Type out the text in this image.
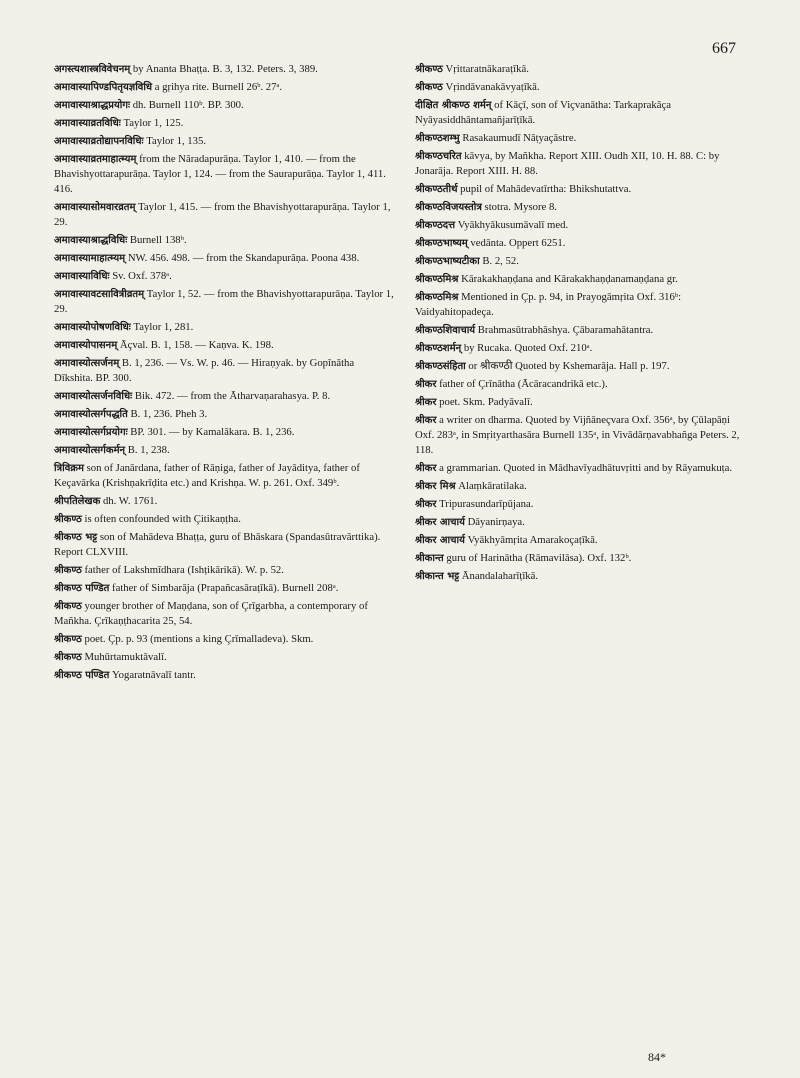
667
अगस्त्यशास्त्रविवेचनम् by Ananta Bhaṭṭa. B. 3, 132. Peters. 3, 389.
अमावास्यापिण्डपितृयज्ञविधि a gṛihya rite. Burnell 26ᵇ. 27ᵃ.
अमावास्याश्राद्धप्रयोगः dh. Burnell 110ᵇ. BP. 300.
अमावास्याव्रतविधिः Taylor 1, 125.
अमावास्याव्रतोद्यापनविधिः Taylor 1, 135.
अमावास्याव्रतमाहात्म्यम् from the Nāradapurāṇa. Taylor 1, 410. — from the Bhavishyottarapurāṇa. Taylor 1, 124. — from the Saurapurāṇa. Taylor 1, 411. 416.
अमावास्यासोमवारव्रतम् Taylor 1, 415. — from the Bhavishyottarapurāṇa. Taylor 1, 29.
अमावास्याश्राद्धविधिः Burnell 138ᵇ.
अमावास्यामाहात्म्यम् NW. 456. 498. — from the Skandapurāṇa. Poona 438.
अमावास्याविधिः Sv. Oxf. 378ᵃ.
अमावास्यावटसावित्रीव्रतम् Taylor 1, 52. — from the Bhavishyottarapurāṇa. Taylor 1, 29.
अमावास्योपोषणविधिः Taylor 1, 281.
अमावास्योपासनम् Āçval. B. 1, 158. — Kaṇva. K. 198.
अमावास्योत्सर्जनम् B. 1, 236. — Vs. W. p. 46. — Hiraṇyak. by Gopīnātha Dīkshita. BP. 300.
अमावास्योत्सर्जनविधिः Bik. 472. — from the Ātharvaṇarahasya. P. 8.
अमावास्योत्सर्गपद्धति B. 1, 236. Pheh 3.
अमावास्योत्सर्गप्रयोगः BP. 301. — by Kamalākara. B. 1, 236.
अमावास्योत्सर्गकर्मन् B. 1, 238.
त्रिविक्रम son of Janārdana, father of Rāṇiga, father of Jayāditya, father of Keçavārka (Krishṇakrīḍita etc.) and Krishṇa. W. p. 261. Oxf. 349ᵇ.
श्रीपतिलेखक dh. W. 1761.
श्रीकण्ठ is often confounded with Çitikaṇṭha.
श्रीकण्ठ भट्ट son of Mahādeva Bhaṭṭa, guru of Bhāskara (Spandasūtravārttika). Report CLXVIII.
श्रीकण्ठ father of Lakshmīdhara (Ishṭikārikā). W. p. 52.
श्रीकण्ठ पण्डित father of Simbarāja (Prapañcasāraṭīkā). Burnell 208ᵃ.
श्रीकण्ठ younger brother of Maṇḍana, son of Çrīgarbha, a contemporary of Mañkha. Çrīkaṇṭhacarita 25, 54.
श्रीकण्ठ poet. Çp. p. 93 (mentions a king Çrīmalladeva). Skm.
श्रीकण्ठ Muhūrtamuktāvalī.
श्रीकण्ठ पण्डित Yogaratnāvalī tantr.
श्रीकण्ठ Vṛittaratnākaraṭīkā.
श्रीकण्ठ Vṛindāvanakāvyaṭīkā.
दीक्षित श्रीकण्ठ शर्मन् of Kāçī, son of Viçvanātha: Tarkaprakāça Nyāyasiddhāntamañjarīṭīkā.
श्रीकण्ठशम्भु Rasakaumudī Nāṭyaçāstre.
श्रीकण्ठचरित kāvya, by Mañkha. Report XIII. Oudh XII, 10. H. 88. C: by Jonarāja. Report XIII. H. 88.
श्रीकण्ठतीर्थ pupil of Mahādevatīrtha: Bhikshutattva.
श्रीकण्ठविजयस्तोत्र stotra. Mysore 8.
श्रीकण्ठदत्त Vyākhyākusumāvalī med.
श्रीकण्ठभाष्यम् vedānta. Oppert 6251.
श्रीकण्ठभाष्यटीका B. 2, 52.
श्रीकण्ठमिश्र Kārakakhaṇḍana and Kārakakhaṇḍanamaṇḍana gr.
श्रीकण्ठमिश्र Mentioned in Çp. p. 94, in Prayogāmṛita Oxf. 316ᵇ: Vaidyahitopadeça.
श्रीकण्ठशिवाचार्य Brahmasūtrabhāshya. Çābaramahātantra.
श्रीकण्ठशर्मन् by Rucaka. Quoted Oxf. 210ᵃ.
श्रीकण्ठसंहिता or श्रीकण्ठी Quoted by Kshemarāja. Hall p. 197.
श्रीकर father of Çrīnātha (Ācāracandrikā etc.).
श्रीकर poet. Skm. Padyāvalī.
श्रीकर a writer on dharma. Quoted by Vijñāneçvara Oxf. 356ᵃ, by Çūlapāṇi Oxf. 283ᵃ, in Smṛityarthasāra Burnell 135ᵃ, in Vivādārṇavabhañga Peters. 2, 118.
श्रीकर a grammarian. Quoted in Mādhavīyadhātuvṛitti and by Rāyamukuṭa.
श्रीकर मिश्र Alaṃkāratilaka.
श्रीकर Tripurasundarīpūjana.
श्रीकर आचार्य Dāyanirṇaya.
श्रीकर आचार्य Vyākhyāmṛita Amarakoçaṭīkā.
श्रीकान्त guru of Harinātha (Rāmavilāsa). Oxf. 132ᵇ.
श्रीकान्त भट्ट Ānandalaharīṭīkā.
84*
